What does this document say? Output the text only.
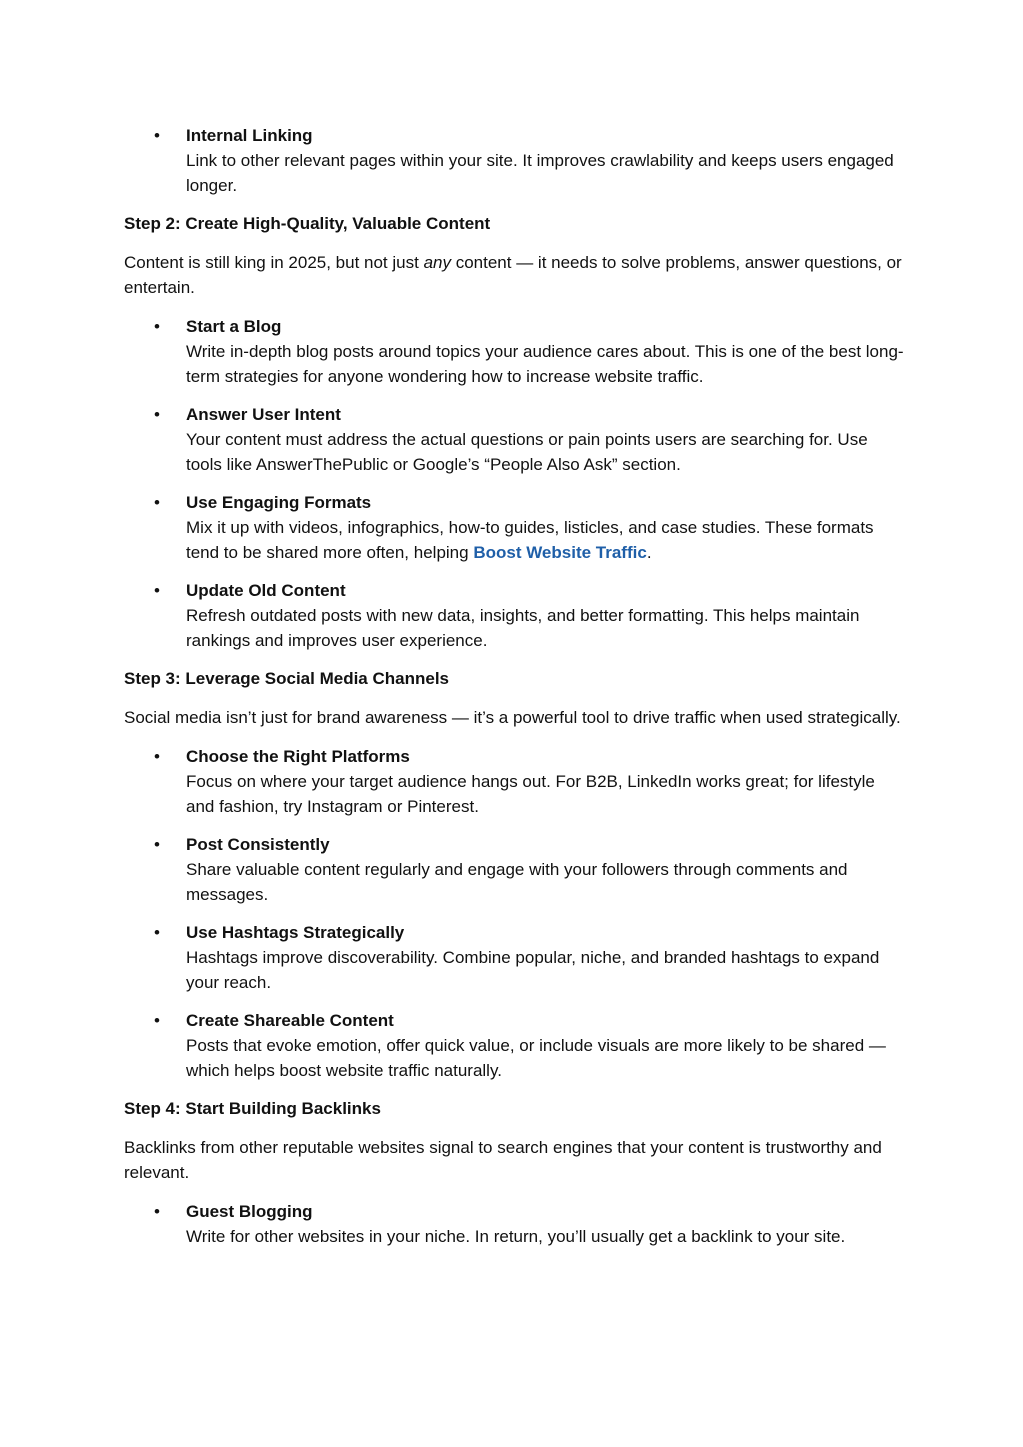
• Internal Linking
Link to other relevant pages within your site. It improves crawlability and keeps users engaged longer.

Step 2: Create High-Quality, Valuable Content

Content is still king in 2025, but not just any content — it needs to solve problems, answer questions, or entertain.

• Start a Blog
Write in-depth blog posts around topics your audience cares about. This is one of the best long-term strategies for anyone wondering how to increase website traffic.
• Answer User Intent
Your content must address the actual questions or pain points users are searching for. Use tools like AnswerThePublic or Google’s “People Also Ask” section.
• Use Engaging Formats
Mix it up with videos, infographics, how-to guides, listicles, and case studies. These formats tend to be shared more often, helping Boost Website Traffic.
• Update Old Content
Refresh outdated posts with new data, insights, and better formatting. This helps maintain rankings and improves user experience.

Step 3: Leverage Social Media Channels

Social media isn’t just for brand awareness — it’s a powerful tool to drive traffic when used strategically.

• Choose the Right Platforms
Focus on where your target audience hangs out. For B2B, LinkedIn works great; for lifestyle and fashion, try Instagram or Pinterest.
• Post Consistently
Share valuable content regularly and engage with your followers through comments and messages.
• Use Hashtags Strategically
Hashtags improve discoverability. Combine popular, niche, and branded hashtags to expand your reach.
• Create Shareable Content
Posts that evoke emotion, offer quick value, or include visuals are more likely to be shared — which helps boost website traffic naturally.

Step 4: Start Building Backlinks

Backlinks from other reputable websites signal to search engines that your content is trustworthy and relevant.

• Guest Blogging
Write for other websites in your niche. In return, you’ll usually get a backlink to your site.
